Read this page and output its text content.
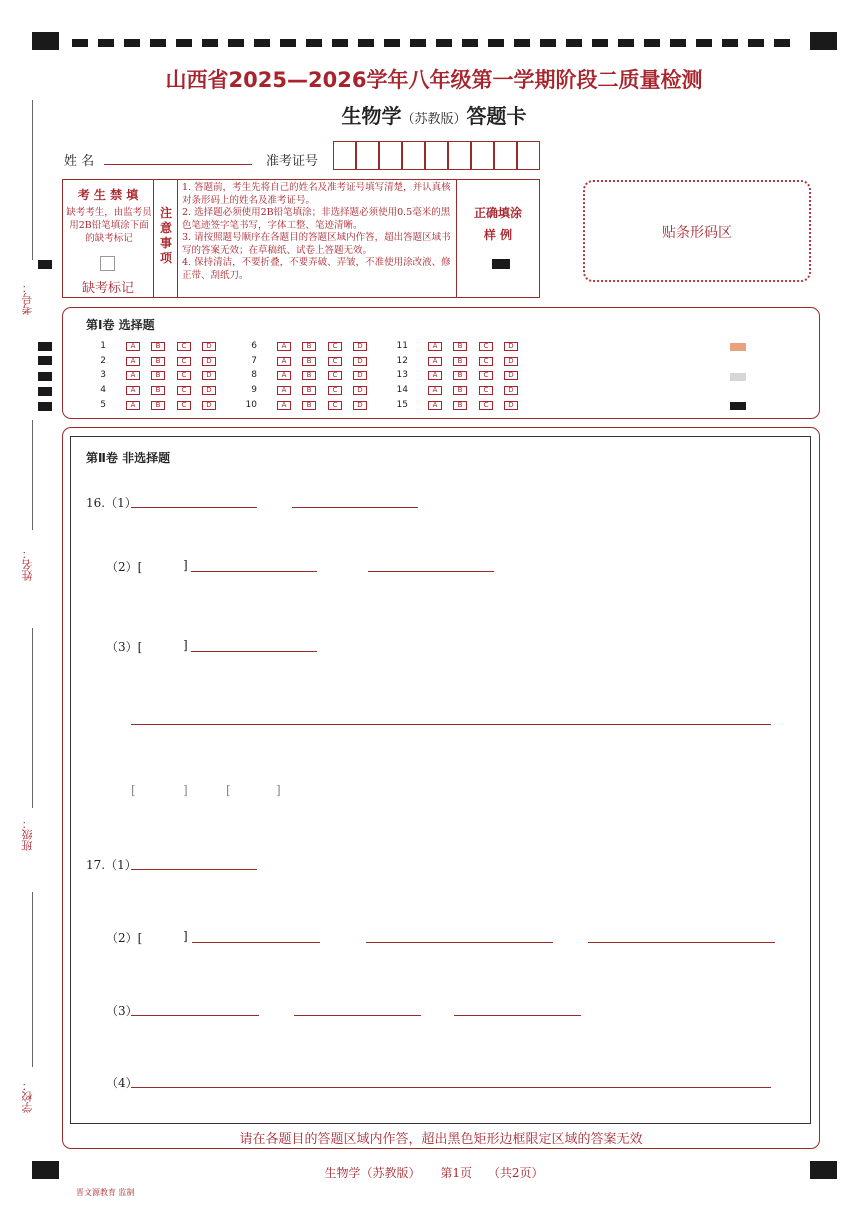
山西省2025—2026学年八年级第一学期阶段二质量检测
生物学（苏教版）答题卡
考号：
姓名：
班级：
学校：
姓 名	准考证号
考 生 禁 填
缺考考生，由监考员用2B铅笔填涂下面的缺考标记
缺考标记
注意事项
1. 答题前，考生先将自己的姓名及准考证号填写清楚，并认真核对条形码上的姓名及准考证号。
2. 选择题必须使用2B铅笔填涂；非选择题必须使用0.5毫米的黑色笔迹签字笔书写，字体工整、笔迹清晰。
3. 请按照题号顺序在各题目的答题区域内作答，超出答题区域书写的答案无效；在草稿纸、试卷上答题无效。
4. 保持清洁，不要折叠，不要弄破、弄皱，不准使用涂改液、修正带、刮纸刀。
正确填涂
样 例	贴条形码区
第Ⅰ卷 选择题
1	A	B	C	D
2	A	B	C	D
3	A	B	C	D
4	A	B	C	D
5	A	B	C	D
6	A	B	C	D
7	A	B	C	D
8	A	B	C	D
9	A	B	C	D
10	A	B	C	D
11	A	B	C	D
12	A	B	C	D
13	A	B	C	D
14	A	B	C	D
15	A	B	C	D
第Ⅱ卷 非选择题
16.（1）
（2）[	]
（3）[	]
[	]	[	]
17.（1）
（2）[	]
（3）
（4）
请在各题目的答题区域内作答，超出黑色矩形边框限定区域的答案无效
生物学（苏教版） 第1页 （共2页）
晋文源教育 监制
